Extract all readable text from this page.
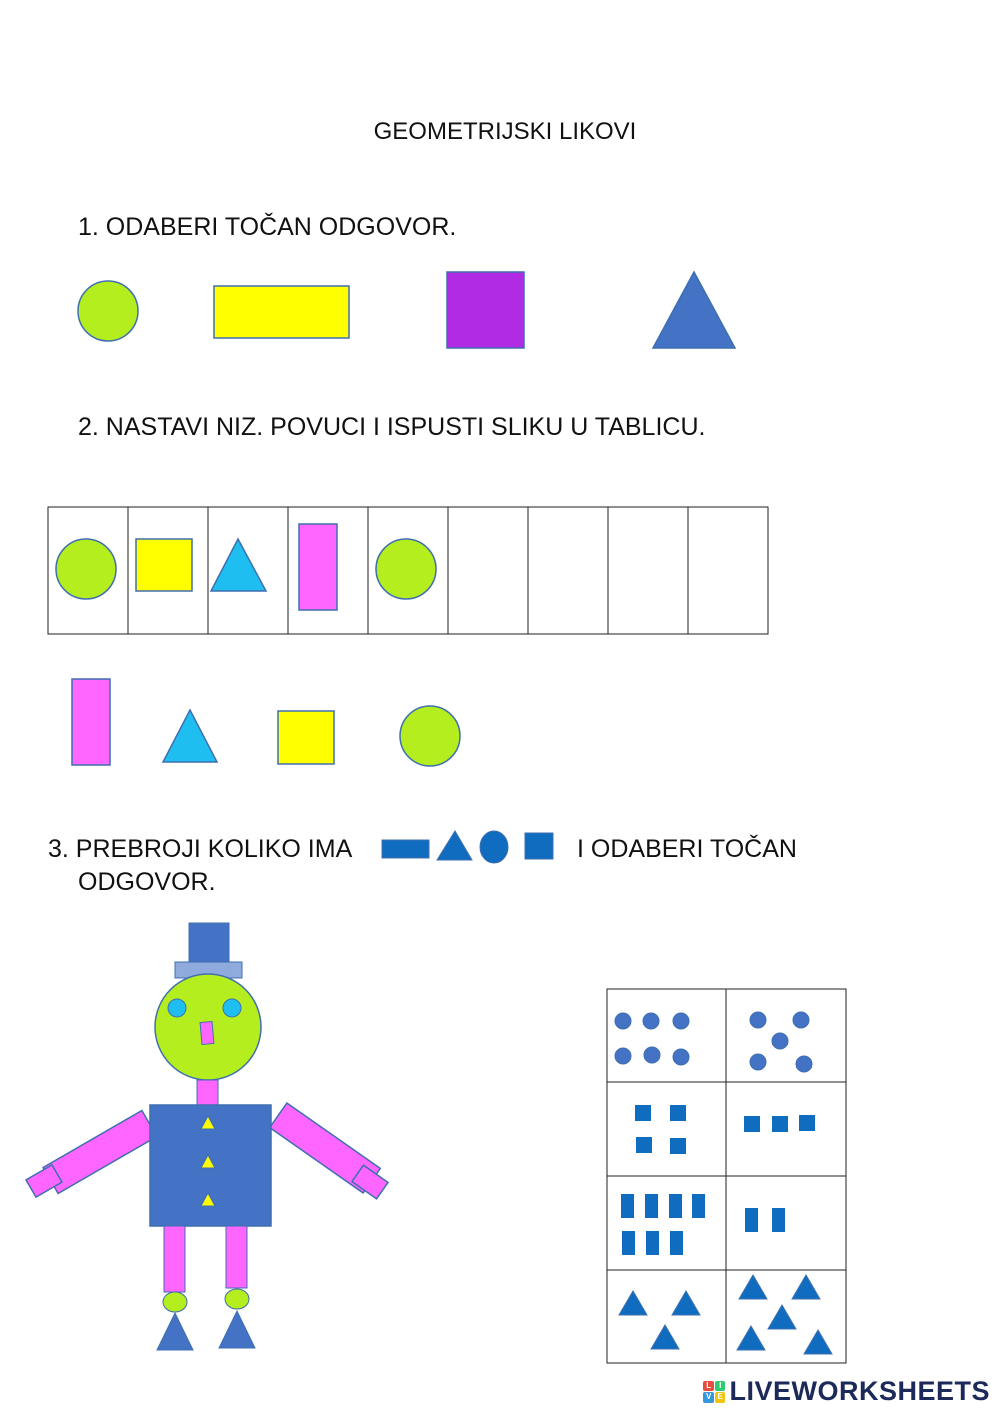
GEOMETRIJSKI LIKOVI
1. ODABERI TOČAN ODGOVOR.
2. NASTAVI NIZ. POVUCI I ISPUSTI SLIKU U TABLICU.
3. PREBROJI KOLIKO IMA	I ODABERI TOČAN
ODGOVOR.
L I
V E LIVEWORKSHEETS
